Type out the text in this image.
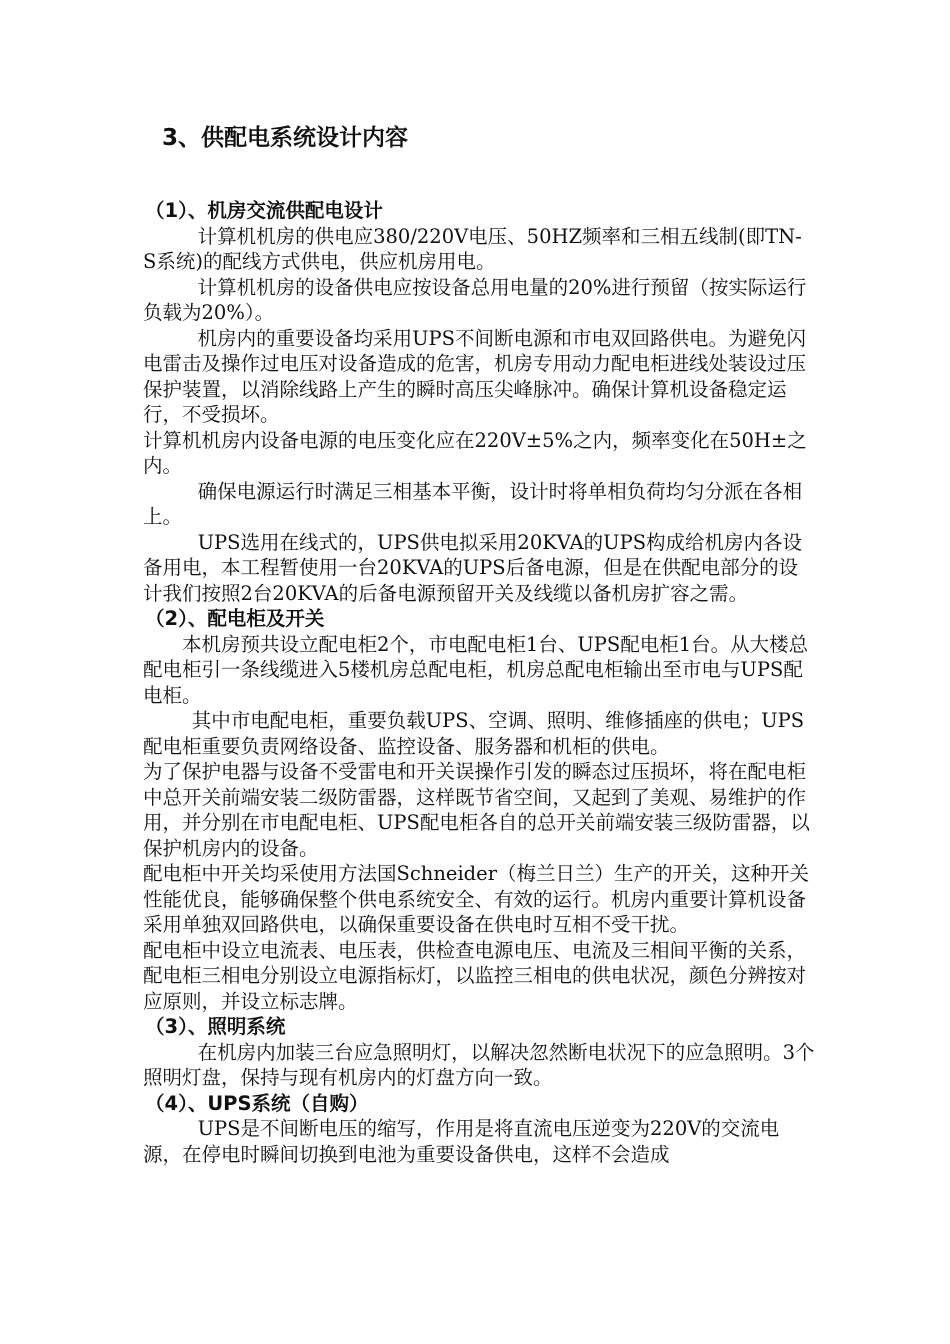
3、供配电系统设计内容
（1）、机房交流供配电设计

计算机机房的供电应380/220V电压、50HZ频率和三相五线制(即TN-S系统)的配线方式供电，供应机房用电。

计算机机房的设备供电应按设备总用电量的20%进行预留（按实际运行负载为20%）。

机房内的重要设备均采用UPS不间断电源和市电双回路供电。为避免闪电雷击及操作过电压对设备造成的危害，机房专用动力配电柜进线处装设过压保护装置，以消除线路上产生的瞬时高压尖峰脉冲。确保计算机设备稳定运行，不受损坏。

计算机机房内设备电源的电压变化应在220V±5%之内，频率变化在50H±之内。

确保电源运行时满足三相基本平衡，设计时将单相负荷均匀分派在各相上。

UPS选用在线式的，UPS供电拟采用20KVA的UPS构成给机房内各设备用电，本工程暂使用一台20KVA的UPS后备电源，但是在供配电部分的设计我们按照2台20KVA的后备电源预留开关及线缆以备机房扩容之需。

（2）、配电柜及开关

本机房预共设立配电柜2个，市电配电柜1台、UPS配电柜1台。从大楼总配电柜引一条线缆进入5楼机房总配电柜，机房总配电柜输出至市电与UPS配电柜。

其中市电配电柜，重要负载UPS、空调、照明、维修插座的供电；UPS配电柜重要负责网络设备、监控设备、服务器和机柜的供电。

为了保护电器与设备不受雷电和开关误操作引发的瞬态过压损坏，将在配电柜中总开关前端安装二级防雷器，这样既节省空间，又起到了美观、易维护的作用，并分别在市电配电柜、UPS配电柜各自的总开关前端安装三级防雷器，以保护机房内的设备。

配电柜中开关均采使用方法国Schneider（梅兰日兰）生产的开关，这种开关性能优良，能够确保整个供电系统安全、有效的运行。机房内重要计算机设备采用单独双回路供电，以确保重要设备在供电时互相不受干扰。

配电柜中设立电流表、电压表，供检查电源电压、电流及三相间平衡的关系，配电柜三相电分别设立电源指标灯，以监控三相电的供电状况，颜色分辨按对应原则，并设立标志牌。

（3）、照明系统

在机房内加装三台应急照明灯，以解决忽然断电状况下的应急照明。3个照明灯盘，保持与现有机房内的灯盘方向一致。

（4）、UPS系统（自购）

UPS是不间断电压的缩写，作用是将直流电压逆变为220V的交流电源，在停电时瞬间切换到电池为重要设备供电，这样不会造成
